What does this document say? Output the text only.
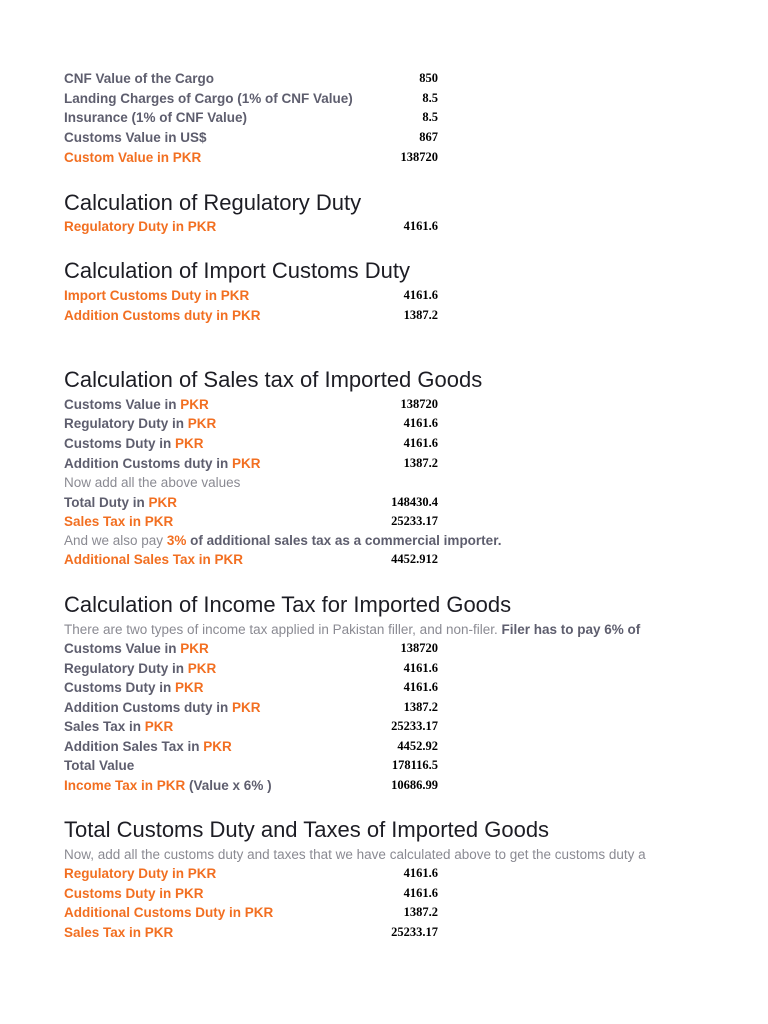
CNF Value of the Cargo	850
Landing Charges of Cargo (1% of CNF Value)	8.5
Insurance (1% of CNF Value)	8.5
Customs Value in US$	867
Custom Value in PKR	138720
Calculation of Regulatory Duty
Regulatory Duty in PKR	4161.6
Calculation of Import Customs Duty
Import Customs Duty in PKR	4161.6
Addition Customs duty in PKR	1387.2
Calculation of Sales tax of Imported Goods
Customs Value in PKR	138720
Regulatory Duty in PKR	4161.6
Customs Duty in PKR	4161.6
Addition Customs duty in PKR	1387.2
Now add all the above values
Total Duty in PKR	148430.4
Sales Tax in PKR	25233.17
And we also pay 3% of additional sales tax as a commercial importer.
Additional Sales Tax in PKR	4452.912
Calculation of Income Tax for Imported Goods
There are two types of income tax applied in Pakistan filler, and non-filer. Filer has to pay 6% of
Customs Value in PKR	138720
Regulatory Duty in PKR	4161.6
Customs Duty in PKR	4161.6
Addition Customs duty in PKR	1387.2
Sales Tax in PKR	25233.17
Addition Sales Tax in PKR	4452.92
Total Value	178116.5
Income Tax in PKR (Value x 6% )	10686.99
Total Customs Duty and Taxes of Imported Goods
Now, add all the customs duty and taxes that we have calculated above to get the customs duty a
Regulatory Duty in PKR	4161.6
Customs Duty in PKR	4161.6
Additional Customs Duty in PKR	1387.2
Sales Tax in PKR	25233.17
